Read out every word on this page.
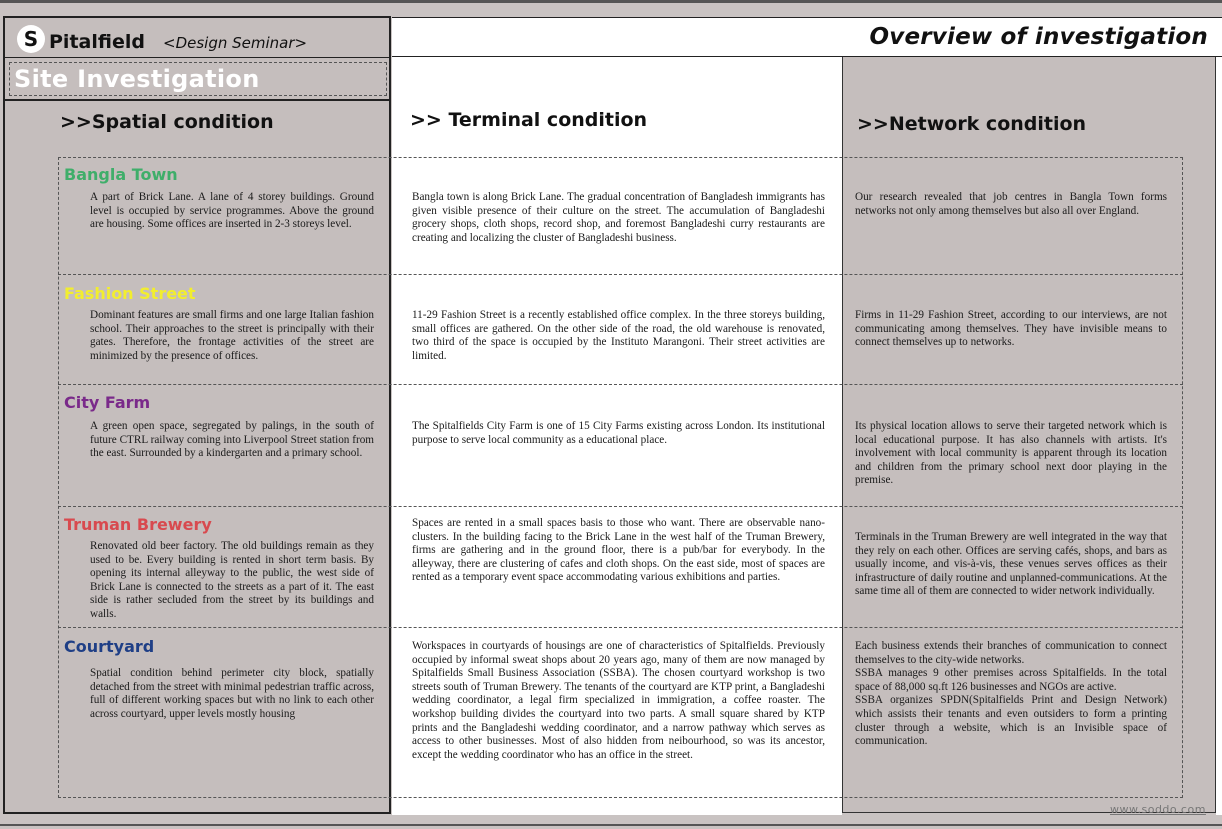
Overview of investigation
S Pitalfield <Design Seminar>
Site Investigation
>>Spatial condition	>> Terminal condition	>>Network condition
Bangla Town
A part of Brick Lane. A lane of 4 storey buildings. Ground level is occupied by service programmes. Above the ground are housing. Some offices are inserted in 2-3 storeys level.
Bangla town is along Brick Lane. The gradual concentration of Bangladesh immigrants has given visible presence of their culture on the street. The accumulation of Bangladeshi grocery shops, cloth shops, record shop, and foremost Bangladeshi curry restaurants are creating and localizing the cluster of Bangladeshi business.
Our research revealed that job centres in Bangla Town forms networks not only among themselves but also all over England.
Fashion Street
Dominant features are small firms and one large Italian fashion school. Their approaches to the street is principally with their gates. Therefore, the frontage activities of the street are minimized by the presence of offices.
11-29 Fashion Street is a recently established office complex. In the three storeys building, small offices are gathered. On the other side of the road, the old warehouse is renovated, two third of the space is occupied by the Instituto Marangoni. Their street activities are limited.
Firms in 11-29 Fashion Street, according to our interviews, are not communicating among themselves. They have invisible means to connect themselves up to networks.
City Farm
A green open space, segregated by palings, in the south of future CTRL railway coming into Liverpool Street station from the east. Surrounded by a kindergarten and a primary school.
The Spitalfields City Farm is one of 15 City Farms existing across London. Its institutional purpose to serve local community as a educational place.
Its physical location allows to serve their targeted network which is local educational purpose. It has also channels with artists. It's involvement with local community is apparent through its location and children from the primary school next door playing in the premise.
Truman Brewery
Renovated old beer factory. The old buildings remain as they used to be. Every building is rented in short term basis. By opening its internal alleyway to the public, the west side of Brick Lane is connected to the streets as a part of it. The east side is rather secluded from the street by its buildings and walls.
Spaces are rented in a small spaces basis to those who want. There are observable nano-clusters. In the building facing to the Brick Lane in the west half of the Truman Brewery, firms are gathering and in the ground floor, there is a pub/bar for everybody. In the alleyway, there are clustering of cafes and cloth shops. On the east side, most of spaces are rented as a temporary event space accommodating various exhibitions and parties.
Terminals in the Truman Brewery are well integrated in the way that they rely on each other. Offices are serving cafés, shops, and bars as usually income, and vis-à-vis, these venues serves offices as their infrastructure of daily routine and unplanned-communications. At the same time all of them are connected to wider network individually.
Courtyard
Spatial condition behind perimeter city block, spatially detached from the street with minimal pedestrian traffic across, full of different working spaces but with no link to each other across courtyard, upper levels mostly housing
Workspaces in courtyards of housings are one of characteristics of Spitalfields. Previously occupied by informal sweat shops about 20 years ago, many of them are now managed by Spitalfields Small Business Association (SSBA). The chosen courtyard workshop is two streets south of Truman Brewery. The tenants of the courtyard are KTP print, a Bangladeshi wedding coordinator, a legal firm specialized in immigration, a coffee roaster. The workshop building divides the courtyard into two parts. A small square shared by KTP prints and the Bangladeshi wedding coordinator, and a narrow pathway which serves as access to other businesses. Most of also hidden from neibourhood, so was its ancestor, except the wedding coordinator who has an office in the street.
Each business extends their branches of communication to connect themselves to the city-wide networks.
SSBA manages 9 other premises across Spitalfields. In the total space of 88,000 sq.ft 126 businesses and NGOs are active.
SSBA organizes SPDN(Spitalfields Print and Design Network) which assists their tenants and even outsiders to form a printing cluster through a website, which is an Invisible space of communication.
www.soddo.com
